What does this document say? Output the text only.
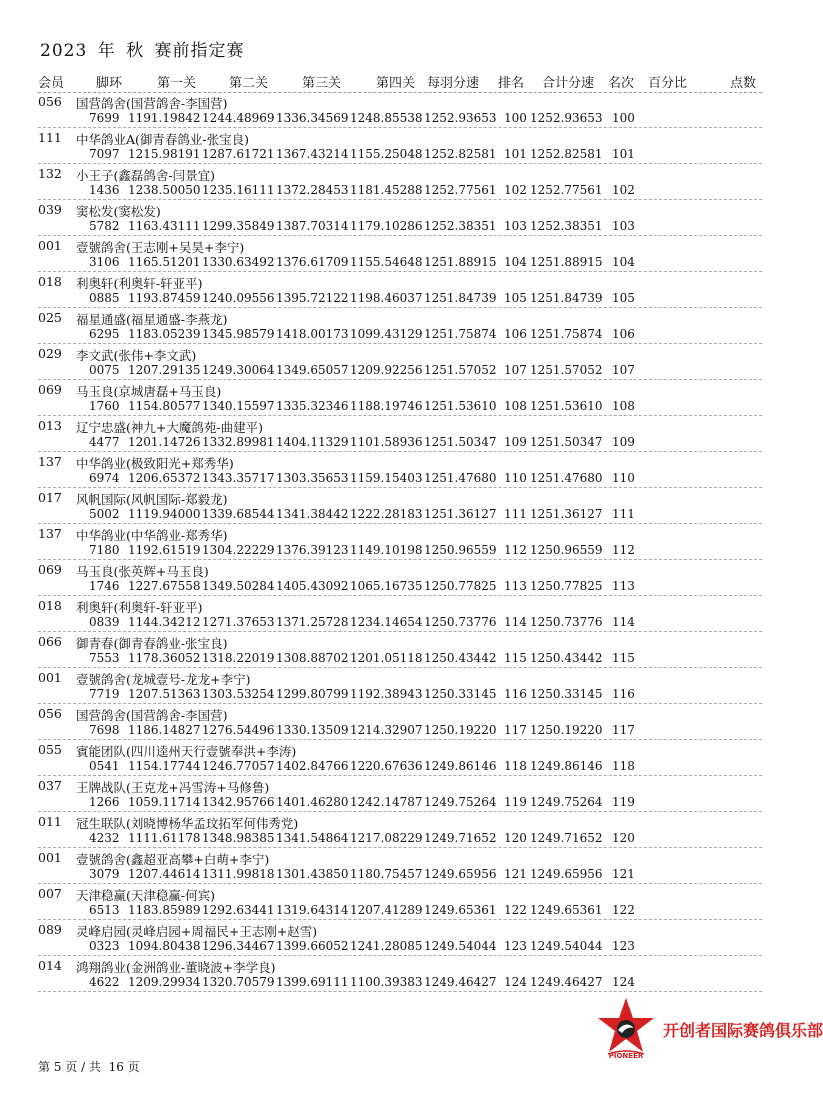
2023 年 秋 赛前指定赛
会员 脚环	第一关	第二关	第三关	第四关 每羽分速 排名 合计分速 名次 百分比	点数
056 国营鸽舍(国营鸽舍-李国营)
7699 1191.19842 1244.48969 1336.34569 1248.85538 1252.93653 100 1252.93653 100
111 中华鸽业A(御青春鸽业-张宝良)
7097 1215.98191 1287.61721 1367.43214 1155.25048 1252.82581 101 1252.82581 101
132 小王子(鑫磊鸽舍-闫景宜)
1436 1238.50050 1235.16111 1372.28453 1181.45288 1252.77561 102 1252.77561 102
039 窦松发(窦松发)
5782 1163.43111 1299.35849 1387.70314 1179.10286 1252.38351 103 1252.38351 103
001 壹號鸽舍(王志刚+吴昊+李宁)
3106 1165.51201 1330.63492 1376.61709 1155.54648 1251.88915 104 1251.88915 104
018 利奥轩(利奥轩-轩亚平)
0885 1193.87459 1240.09556 1395.72122 1198.46037 1251.84739 105 1251.84739 105
025 福星通盛(福星通盛-李燕龙)
6295 1183.05239 1345.98579 1418.00173 1099.43129 1251.75874 106 1251.75874 106
029 李文武(张伟+李文武)
0075 1207.29135 1249.30064 1349.65057 1209.92256 1251.57052 107 1251.57052 107
069 马玉良(京城唐磊+马玉良)
1760 1154.80577 1340.15597 1335.32346 1188.19746 1251.53610 108 1251.53610 108
013 辽宁忠盛(神九+大魔鸽苑-曲建平)
4477 1201.14726 1332.89981 1404.11329 1101.58936 1251.50347 109 1251.50347 109
137 中华鸽业(极致阳光+郑秀华)
6974 1206.65372 1343.35717 1303.35653 1159.15403 1251.47680 110 1251.47680 110
017 风帆国际(风帆国际-郑毅龙)
5002 1119.94000 1339.68544 1341.38442 1222.28183 1251.36127 111 1251.36127 111
137 中华鸽业(中华鸽业-郑秀华)
7180 1192.61519 1304.22229 1376.39123 1149.10198 1250.96559 112 1250.96559 112
069 马玉良(张英辉+马玉良)
1746 1227.67558 1349.50284 1405.43092 1065.16735 1250.77825 113 1250.77825 113
018 利奥轩(利奥轩-轩亚平)
0839 1144.34212 1271.37653 1371.25728 1234.14654 1250.73776 114 1250.73776 114
066 御青春(御青春鸽业-张宝良)
7553 1178.36052 1318.22019 1308.88702 1201.05118 1250.43442 115 1250.43442 115
001 壹號鸽舍(龙城壹号-龙龙+李宁)
7719 1207.51363 1303.53254 1299.80799 1192.38943 1250.33145 116 1250.33145 116
056 国营鸽舍(国营鸽舍-李国营)
7698 1186.14827 1276.54496 1330.13509 1214.32907 1250.19220 117 1250.19220 117
055 賓能团队(四川逵州天行壹號奉洪+李涛)
0541 1154.17744 1246.77057 1402.84766 1220.67636 1249.86146 118 1249.86146 118
037 王牌战队(王克龙+冯雪涛+马修鲁)
1266 1059.11714 1342.95766 1401.46280 1242.14787 1249.75264 119 1249.75264 119
011 冠生联队(刘晓博杨华孟玟拓军何伟秀党)
4232 1111.61178 1348.98385 1341.54864 1217.08229 1249.71652 120 1249.71652 120
001 壹號鸽舍(鑫超亚高攀+白萌+李宁)
3079 1207.44614 1311.99818 1301.43850 1180.75457 1249.65956 121 1249.65956 121
007 天津稳赢(天津稳赢-何宾)
6513 1183.85989 1292.63441 1319.64314 1207.41289 1249.65361 122 1249.65361 122
089 灵峰启园(灵峰启园+周福民+王志刚+赵雪)
0323 1094.80438 1296.34467 1399.66052 1241.28085 1249.54044 123 1249.54044 123
014 鸿翔鸽业(金洲鸽业-董晓波+李学良)
4622 1209.29934 1320.70579 1399.69111 1100.39383 1249.46427 124 1249.46427 124
第 5 页 / 共  16 页
PIONEER
开创者国际赛鸽俱乐部
